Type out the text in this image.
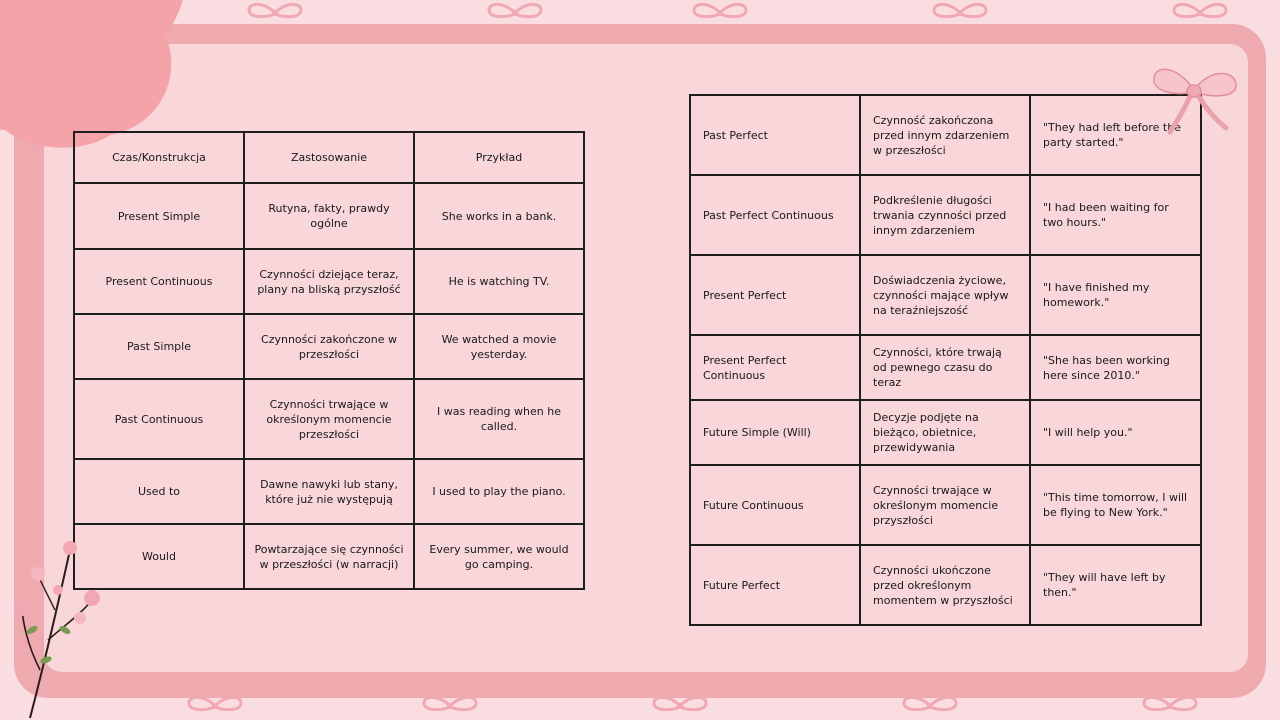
Czas/Konstrukcja	Zastosowanie	Przykład
Present Simple	Rutyna, fakty, prawdy ogólne	She works in a bank.
Present Continuous	Czynności dziejące teraz, plany na bliską przyszłość	He is watching TV.
Past Simple	Czynności zakończone w przeszłości	We watched a movie yesterday.
Past Continuous	Czynności trwające w określonym momencie przeszłości	I was reading when he called.
Used to	Dawne nawyki lub stany, które już nie występują	I used to play the piano.
Would	Powtarzające się czynności w przeszłości (w narracji)	Every summer, we would go camping.
Past Perfect	Czynność zakończona przed innym zdarzeniem w przeszłości	"They had left before the party started."
Past Perfect Continuous	Podkreślenie długości trwania czynności przed innym zdarzeniem	"I had been waiting for two hours."
Present Perfect	Doświadczenia życiowe, czynności mające wpływ na teraźniejszość	"I have finished my homework."
Present Perfect Continuous	Czynności, które trwają od pewnego czasu do teraz	"She has been working here since 2010."
Future Simple (Will)	Decyzje podjęte na bieżąco, obietnice, przewidywania	"I will help you."
Future Continuous	Czynności trwające w określonym momencie przyszłości	"This time tomorrow, I will be flying to New York."
Future Perfect	Czynności ukończone przed określonym momentem w przyszłości	"They will have left by then."
